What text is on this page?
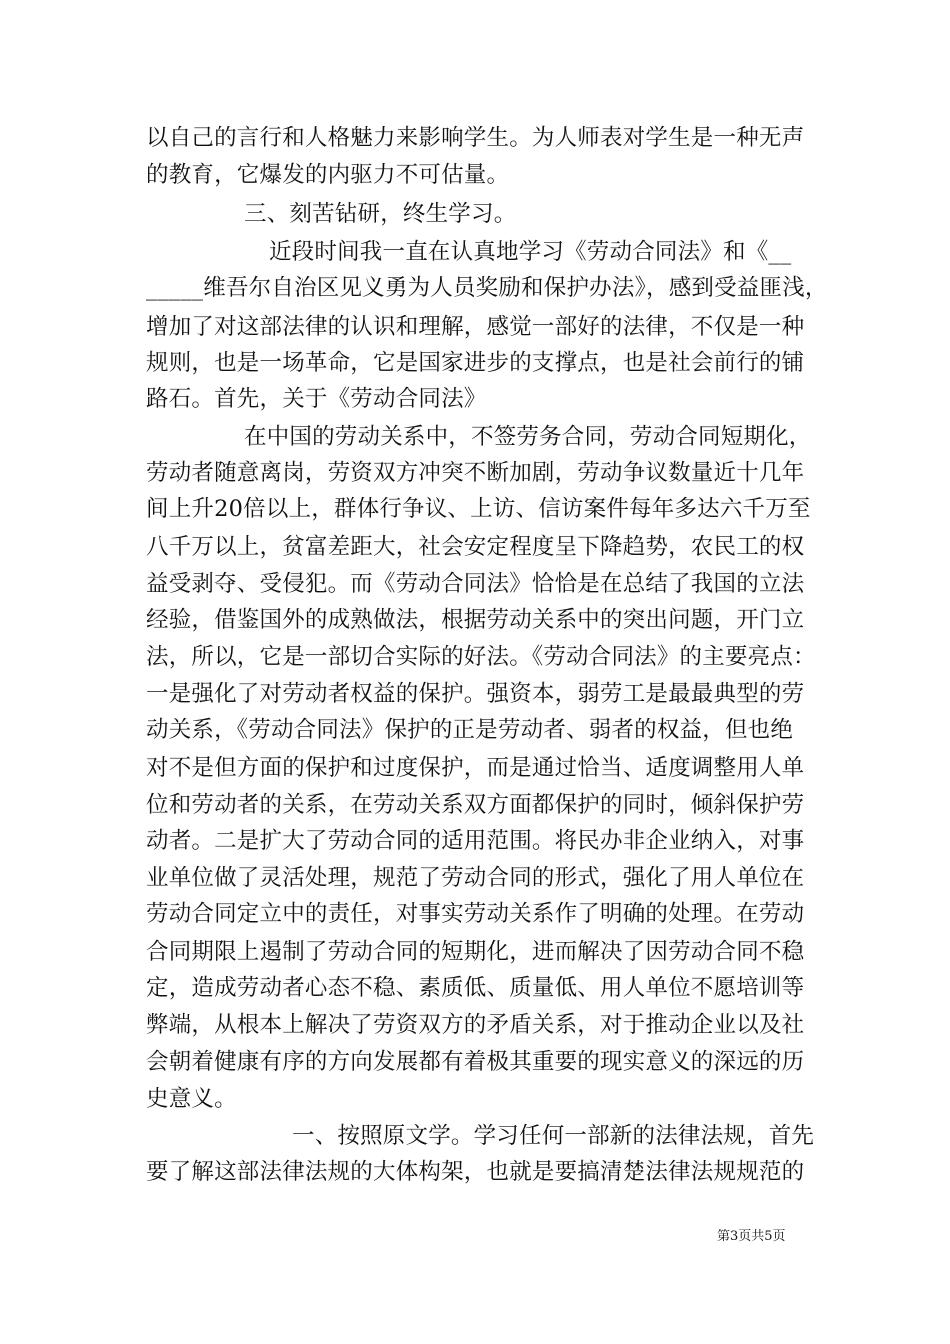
以自己的言行和人格魅力来影响学生。为人师表对学生是一种无声
的教育，它爆发的内驱力不可估量。
三、刻苦钻研，终生学习。
近段时间我一直在认真地学习《劳动合同法》和《__
_____维吾尔自治区见义勇为人员奖励和保护办法》，感到受益匪浅，
增加了对这部法律的认识和理解，感觉一部好的法律，不仅是一种
规则，也是一场革命，它是国家进步的支撑点，也是社会前行的铺
路石。首先，关于《劳动合同法》
在中国的劳动关系中，不签劳务合同，劳动合同短期化，
劳动者随意离岗，劳资双方冲突不断加剧，劳动争议数量近十几年
间上升20倍以上，群体行争议、上访、信访案件每年多达六千万至
八千万以上，贫富差距大，社会安定程度呈下降趋势，农民工的权
益受剥夺、受侵犯。而《劳动合同法》恰恰是在总结了我国的立法
经验，借鉴国外的成熟做法，根据劳动关系中的突出问题，开门立
法，所以，它是一部切合实际的好法。《劳动合同法》的主要亮点：
一是强化了对劳动者权益的保护。强资本，弱劳工是最最典型的劳
动关系，《劳动合同法》保护的正是劳动者、弱者的权益，但也绝
对不是但方面的保护和过度保护，而是通过恰当、适度调整用人单
位和劳动者的关系，在劳动关系双方面都保护的同时，倾斜保护劳
动者。二是扩大了劳动合同的适用范围。将民办非企业纳入，对事
业单位做了灵活处理，规范了劳动合同的形式，强化了用人单位在
劳动合同定立中的责任，对事实劳动关系作了明确的处理。在劳动
合同期限上遏制了劳动合同的短期化，进而解决了因劳动合同不稳
定，造成劳动者心态不稳、素质低、质量低、用人单位不愿培训等
弊端，从根本上解决了劳资双方的矛盾关系，对于推动企业以及社
会朝着健康有序的方向发展都有着极其重要的现实意义的深远的历
史意义。
一、按照原文学。学习任何一部新的法律法规，首先
要了解这部法律法规的大体构架，也就是要搞清楚法律法规规范的
第3页共5页
